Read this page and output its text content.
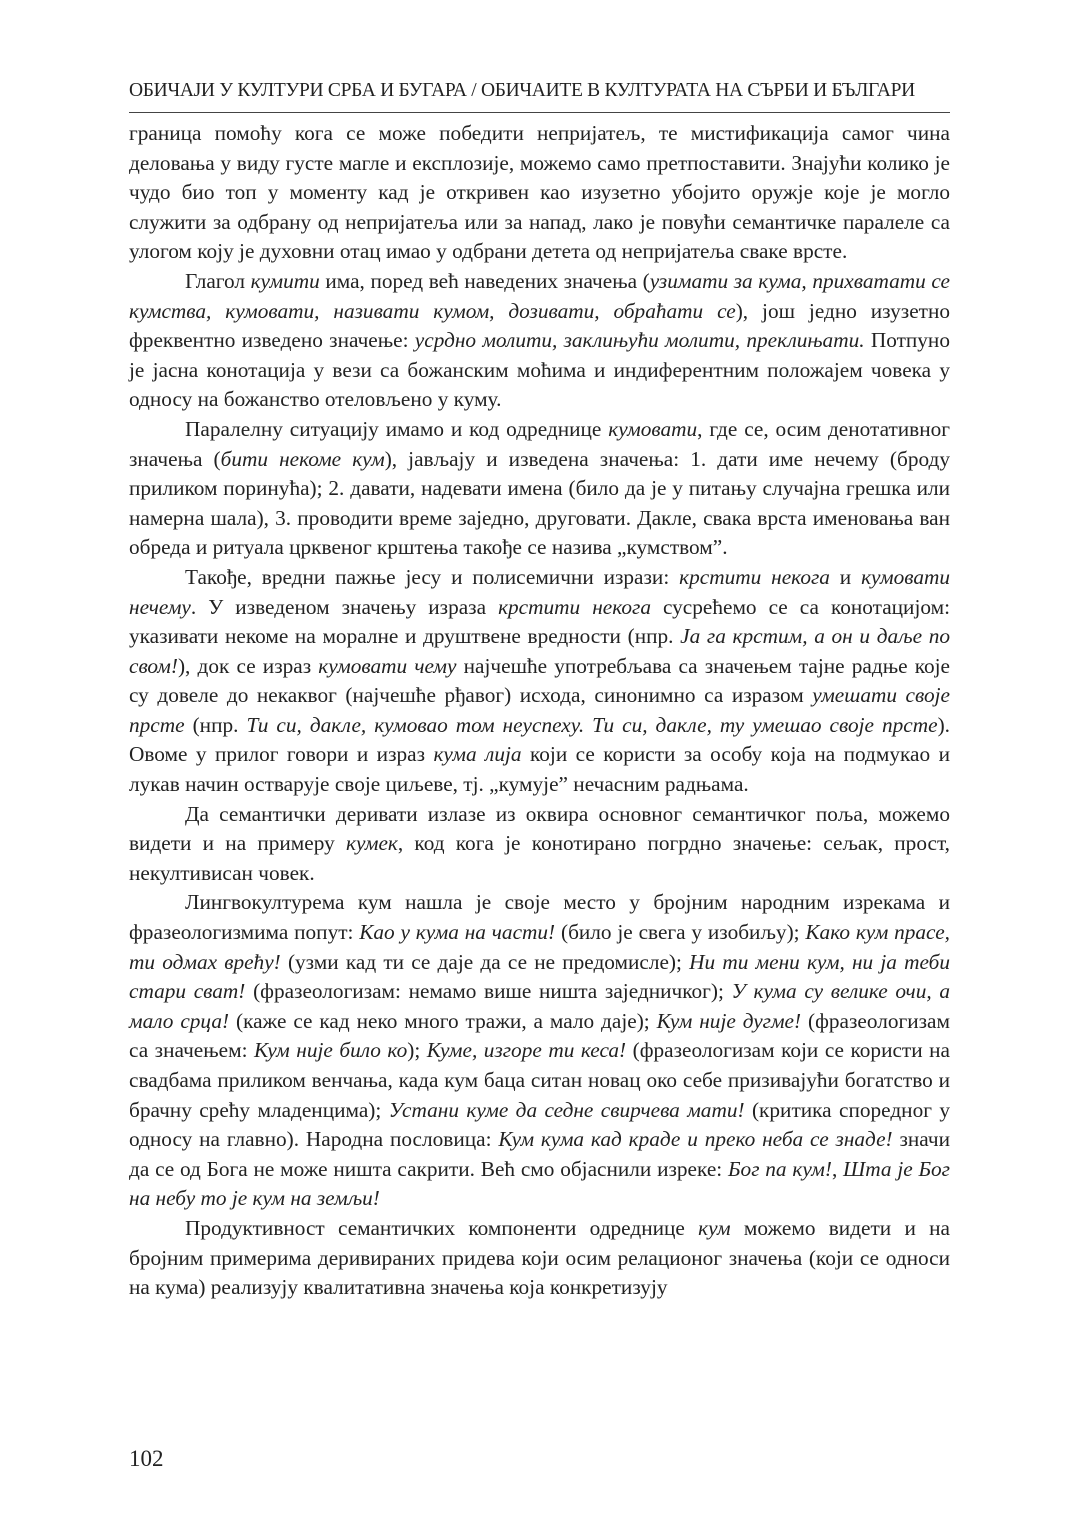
ОБИЧАЈИ У КУЛТУРИ СРБА И БУГАРА / ОБИЧАИТЕ В КУЛТУРАТА НА СЪРБИ И БЪЛГАРИ

граница помоћу кога се може победити непријатељ, те мистификација самог чина деловања у виду густе магле и експлозије, можемо само претпоставити. Знајући колико је чудо био топ у моменту кад је откривен као изузетно убојито оружје које је могло служити за одбрану од непријатеља или за напад, лако је повући семантичке паралеле са улогом коју је духовни отац имао у одбрани детета од непријатеља сваке врсте.

Глагол кумити има, поред већ наведених значења (узимати за кума, прихватати се кумства, кумовати, називати кумом, дозивати, обраћати се), још једно изузетно фреквентно изведено значење: усрдно молити, заклињући молити, преклињати. Потпуно је јасна конотација у вези са божанским моћима и индиферентним положајем човека у односу на божанство отеловљено у куму.

Паралелну ситуацију имамо и код одреднице кумовати, где се, осим денотативног значења (бити некоме кум), јављају и изведена значења: 1. дати име нечему (броду приликом поринућа); 2. давати, надевати имена (било да је у питању случајна грешка или намерна шала), 3. проводити време заједно, друговати. Дакле, свака врста именовања ван обреда и ритуала црквеног крштења такође се назива „кумством”.

Такође, вредни пажње јесу и полисемични изрази: крстити некога и кумовати нечему. У изведеном значењу израза крстити некога сусрећемо се са конотацијом: указивати некоме на моралне и друштвене вредности (нпр. Ја га крстим, а он и даље по свом!), док се израз кумовати чему најчешће употребљава са значењем тајне радње које су довеле до некаквог (најчешће рђавог) исхода, синонимно са изразом умешати своје прсте (нпр. Ти си, дакле, кумовао том неуспеху. Ти си, дакле, ту умешао своје прсте). Овоме у прилог говори и израз кума лија који се користи за особу која на подмукао и лукав начин остварује своје циљеве, тј. „кумује” нечасним радњама.

Да семантички деривати излазе из оквира основног семантичког поља, можемо видети и на примеру кумек, код кога је конотирано погрдно значење: сељак, прост, некултивисан човек.

Лингвокултурема кум нашла је своје место у бројним народним изрекама и фразеологизмима попут: Као у кума на части! (било је свега у изобиљу); Како кум прасе, ти одмах врећу! (узми кад ти се даје да се не предомисле); Ни ти мени кум, ни ја теби стари сват! (фразеологизам: немамо више ништа заједничког); У кума су велике очи, а мало срца! (каже се кад неко много тражи, а мало даје); Кум није дугме! (фразеологизам са значењем: Кум није било ко); Куме, изгоре ти кеса! (фразеологизам који се користи на свадбама приликом венчања, када кум баца ситан новац око себе призивајући богатство и брачну срећу младенцима); Устани куме да седне свирчева мати! (критика споредног у односу на главно). Народна пословица: Кум кума кад краде и преко неба се знаде! значи да се од Бога не може ништа сакрити. Већ смо објаснили изреке: Бог па кум!, Шта је Бог на небу то је кум на земљи!

Продуктивност семантичких компоненти одреднице кум можемо видети и на бројним примерима деривираних придева који осим релационог значења (који се односи на кума) реализују квалитативна значења која конкретизују

102
